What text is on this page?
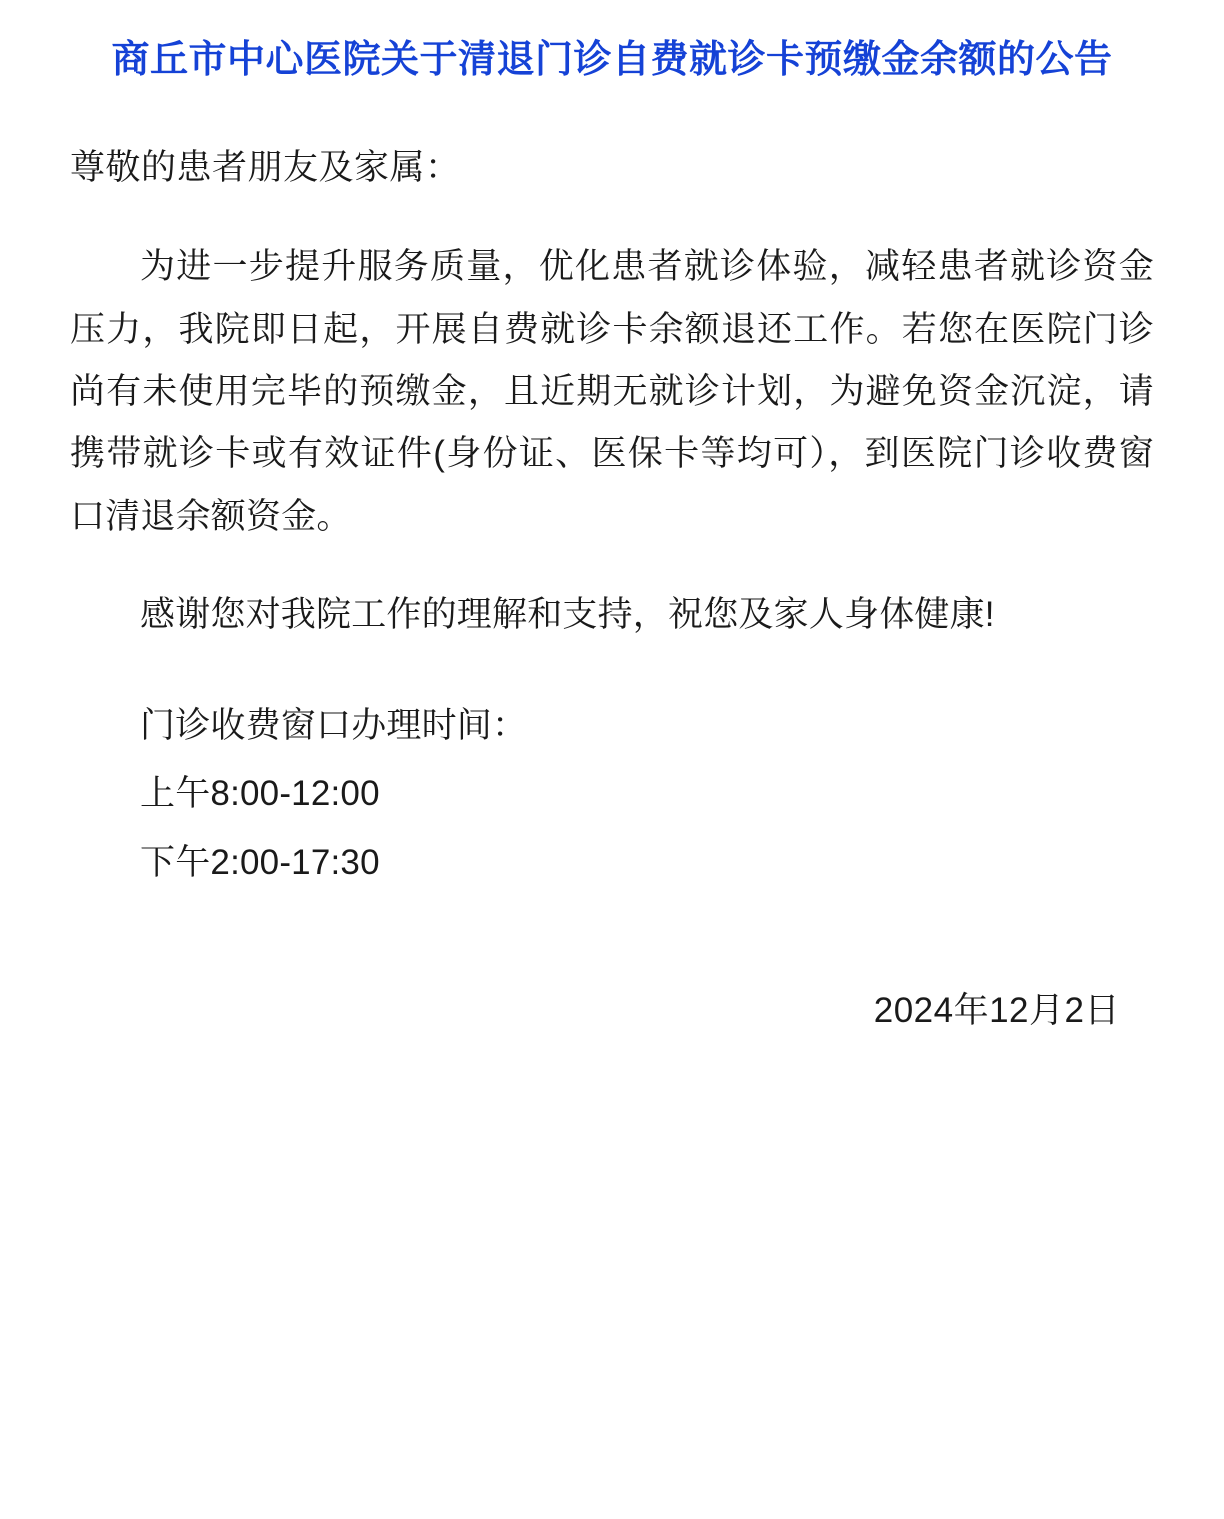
商丘市中心医院关于清退门诊自费就诊卡预缴金余额的公告

尊敬的患者朋友及家属：

为进一步提升服务质量，优化患者就诊体验，减轻患者就诊资金压力，我院即日起，开展自费就诊卡余额退还工作。若您在医院门诊尚有未使用完毕的预缴金，且近期无就诊计划，为避免资金沉淀，请携带就诊卡或有效证件(身份证、医保卡等均可），到医院门诊收费窗口清退余额资金。

感谢您对我院工作的理解和支持，祝您及家人身体健康!

门诊收费窗口办理时间：

上午8:00-12:00

下午2:00-17:30

2024年12月2日
